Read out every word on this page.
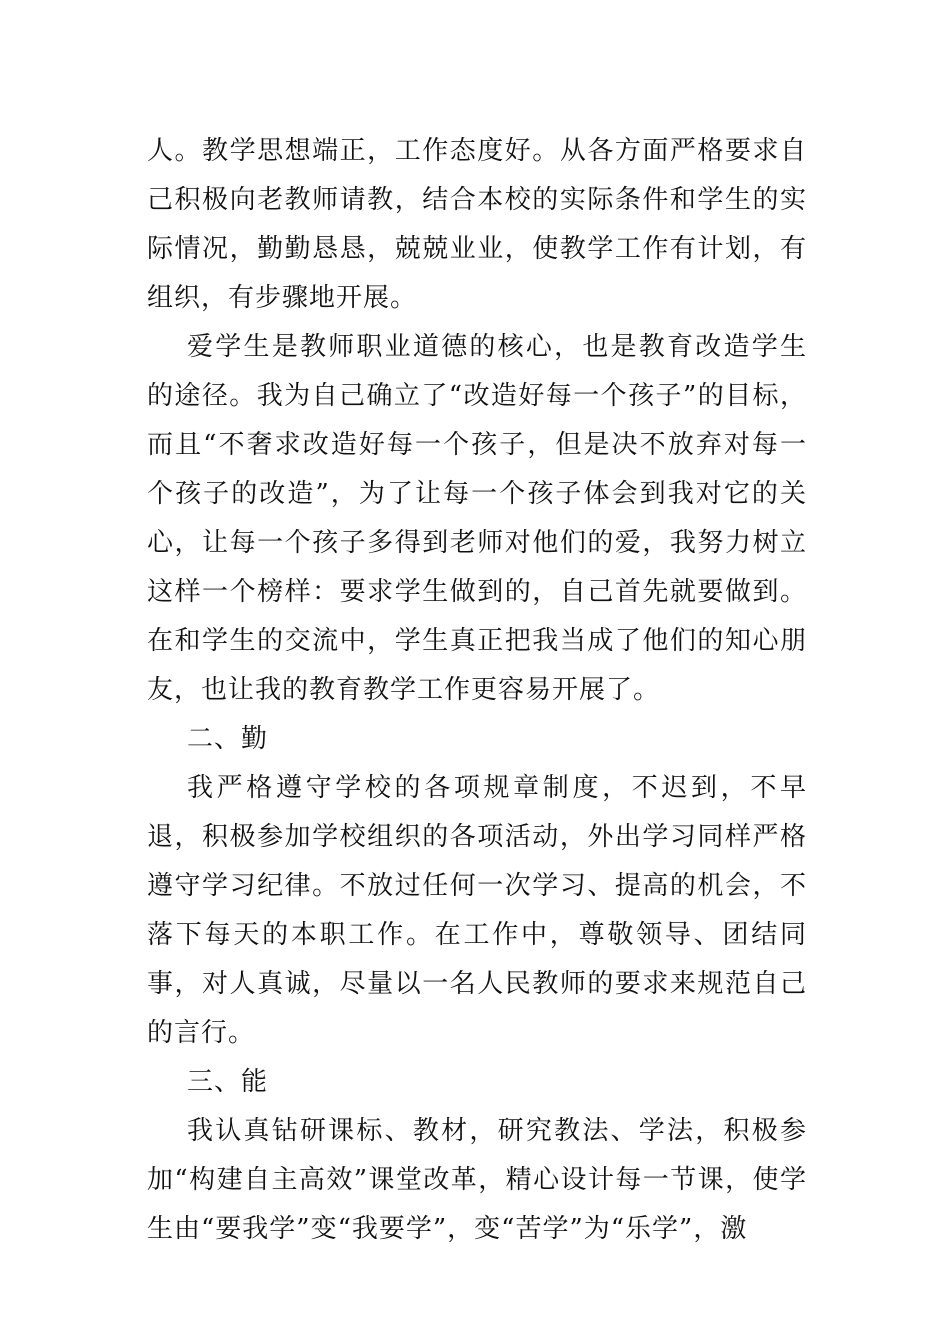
人。教学思想端正，工作态度好。从各方面严格要求自己积极向老教师请教，结合本校的实际条件和学生的实际情况，勤勤恳恳，兢兢业业，使教学工作有计划，有组织，有步骤地开展。

爱学生是教师职业道德的核心，也是教育改造学生的途径。我为自己确立了“改造好每一个孩子”的目标，而且“不奢求改造好每一个孩子，但是决不放弃对每一个孩子的改造”，为了让每一个孩子体会到我对它的关心，让每一个孩子多得到老师对他们的爱，我努力树立这样一个榜样：要求学生做到的，自己首先就要做到。在和学生的交流中，学生真正把我当成了他们的知心朋友，也让我的教育教学工作更容易开展了。

二、勤

我严格遵守学校的各项规章制度，不迟到，不早退，积极参加学校组织的各项活动，外出学习同样严格遵守学习纪律。不放过任何一次学习、提高的机会，不落下每天的本职工作。在工作中，尊敬领导、团结同事，对人真诚，尽量以一名人民教师的要求来规范自己的言行。

三、能

我认真钻研课标、教材，研究教法、学法，积极参加“构建自主高效”课堂改革，精心设计每一节课，使学生由“要我学”变“我要学”，变“苦学”为“乐学”，激
